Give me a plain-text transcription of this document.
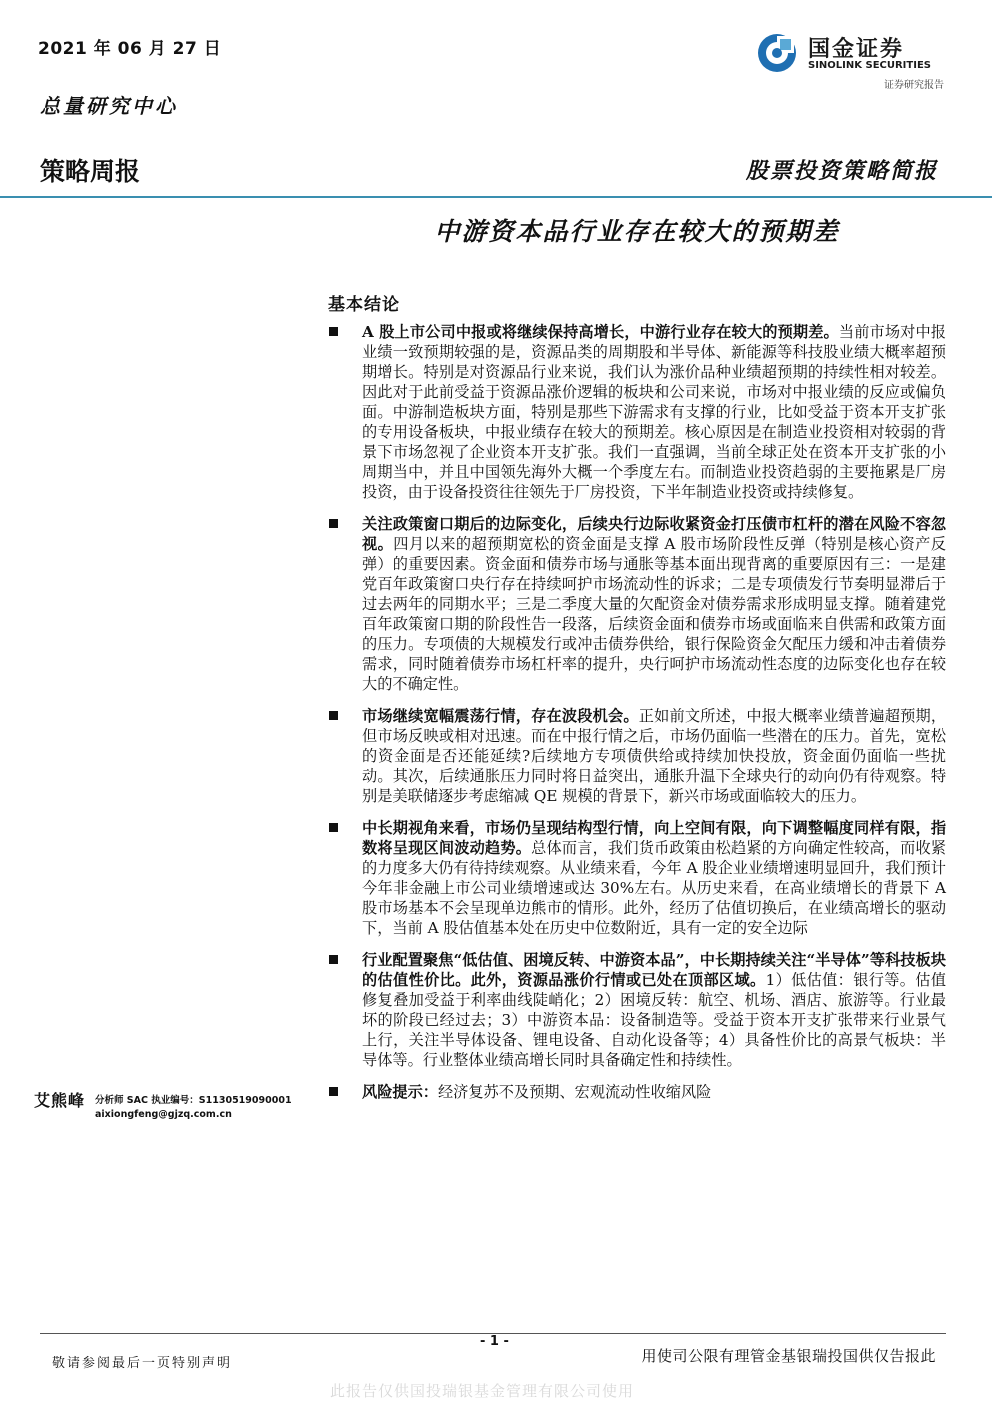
2021 年 06 月 27 日
总量研究中心
国金证券
SINOLINK SECURITIES
证券研究报告
策略周报	股票投资策略简报
中游资本品行业存在较大的预期差
基本结论
A 股上市公司中报或将继续保持高增长，中游行业存在较大的预期差。当前市场对中报业绩一致预期较强的是，资源品类的周期股和半导体、新能源等科技股业绩大概率超预期增长。特别是对资源品行业来说，我们认为涨价品种业绩超预期的持续性相对较差。因此对于此前受益于资源品涨价逻辑的板块和公司来说，市场对中报业绩的反应或偏负面。中游制造板块方面，特别是那些下游需求有支撑的行业，比如受益于资本开支扩张的专用设备板块，中报业绩存在较大的预期差。核心原因是在制造业投资相对较弱的背景下市场忽视了企业资本开支扩张。我们一直强调，当前全球正处在资本开支扩张的小周期当中，并且中国领先海外大概一个季度左右。而制造业投资趋弱的主要拖累是厂房投资，由于设备投资往往领先于厂房投资，下半年制造业投资或持续修复。
关注政策窗口期后的边际变化，后续央行边际收紧资金打压债市杠杆的潜在风险不容忽视。四月以来的超预期宽松的资金面是支撑 A 股市场阶段性反弹（特别是核心资产反弹）的重要因素。资金面和债券市场与通胀等基本面出现背离的重要原因有三：一是建党百年政策窗口央行存在持续呵护市场流动性的诉求；二是专项债发行节奏明显滞后于过去两年的同期水平；三是二季度大量的欠配资金对债券需求形成明显支撑。随着建党百年政策窗口期的阶段性告一段落，后续资金面和债券市场或面临来自供需和政策方面的压力。专项债的大规模发行或冲击债券供给，银行保险资金欠配压力缓和冲击着债券需求，同时随着债券市场杠杆率的提升，央行呵护市场流动性态度的边际变化也存在较大的不确定性。
市场继续宽幅震荡行情，存在波段机会。正如前文所述，中报大概率业绩普遍超预期，但市场反映或相对迅速。而在中报行情之后，市场仍面临一些潜在的压力。首先，宽松的资金面是否还能延续?后续地方专项债供给或持续加快投放，资金面仍面临一些扰动。其次，后续通胀压力同时将日益突出，通胀升温下全球央行的动向仍有待观察。特别是美联储逐步考虑缩减 QE 规模的背景下，新兴市场或面临较大的压力。
中长期视角来看，市场仍呈现结构型行情，向上空间有限，向下调整幅度同样有限，指数将呈现区间波动趋势。总体而言，我们货币政策由松趋紧的方向确定性较高，而收紧的力度多大仍有待持续观察。从业绩来看，今年 A 股企业业绩增速明显回升，我们预计今年非金融上市公司业绩增速或达 30%左右。从历史来看，在高业绩增长的背景下 A 股市场基本不会呈现单边熊市的情形。此外，经历了估值切换后，在业绩高增长的驱动下，当前 A 股估值基本处在历史中位数附近，具有一定的安全边际
行业配置聚焦“低估值、困境反转、中游资本品”，中长期持续关注“半导体”等科技板块的估值性价比。此外，资源品涨价行情或已处在顶部区域。1）低估值：银行等。估值修复叠加受益于利率曲线陡峭化；2）困境反转：航空、机场、酒店、旅游等。行业最坏的阶段已经过去；3）中游资本品：设备制造等。受益于资本开支扩张带来行业景气上行，关注半导体设备、锂电设备、自动化设备等；4）具备性价比的高景气板块：半导体等。行业整体业绩高增长同时具备确定性和持续性。
风险提示：经济复苏不及预期、宏观流动性收缩风险
艾熊峰 分析师 SAC 执业编号：S1130519090001
aixiongfeng@gjzq.com.cn
- 1 -
敬请参阅最后一页特别声明	用使司公限有理管金基银瑞投国供仅告报此
此报告仅供国投瑞银基金管理有限公司使用
